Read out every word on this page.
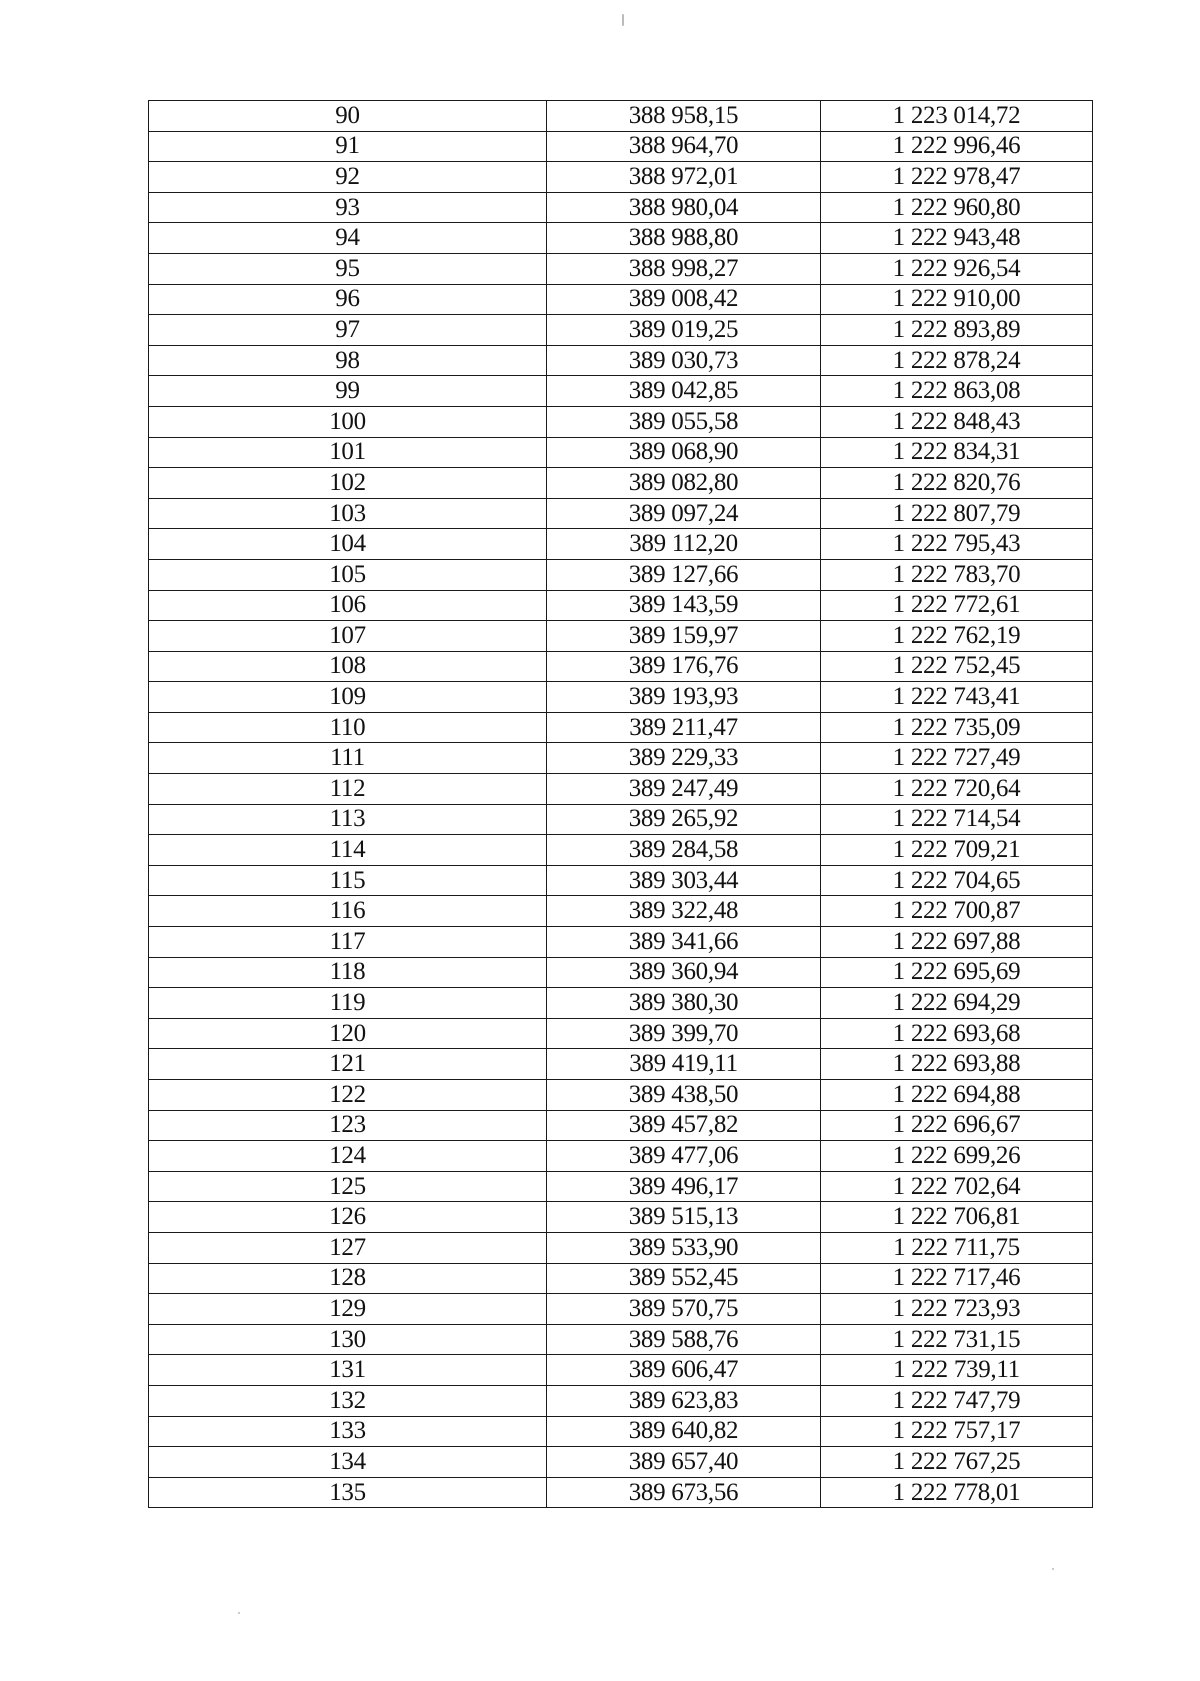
90	388 958,15	1 223 014,72
91	388 964,70	1 222 996,46
92	388 972,01	1 222 978,47
93	388 980,04	1 222 960,80
94	388 988,80	1 222 943,48
95	388 998,27	1 222 926,54
96	389 008,42	1 222 910,00
97	389 019,25	1 222 893,89
98	389 030,73	1 222 878,24
99	389 042,85	1 222 863,08
100	389 055,58	1 222 848,43
101	389 068,90	1 222 834,31
102	389 082,80	1 222 820,76
103	389 097,24	1 222 807,79
104	389 112,20	1 222 795,43
105	389 127,66	1 222 783,70
106	389 143,59	1 222 772,61
107	389 159,97	1 222 762,19
108	389 176,76	1 222 752,45
109	389 193,93	1 222 743,41
110	389 211,47	1 222 735,09
111	389 229,33	1 222 727,49
112	389 247,49	1 222 720,64
113	389 265,92	1 222 714,54
114	389 284,58	1 222 709,21
115	389 303,44	1 222 704,65
116	389 322,48	1 222 700,87
117	389 341,66	1 222 697,88
118	389 360,94	1 222 695,69
119	389 380,30	1 222 694,29
120	389 399,70	1 222 693,68
121	389 419,11	1 222 693,88
122	389 438,50	1 222 694,88
123	389 457,82	1 222 696,67
124	389 477,06	1 222 699,26
125	389 496,17	1 222 702,64
126	389 515,13	1 222 706,81
127	389 533,90	1 222 711,75
128	389 552,45	1 222 717,46
129	389 570,75	1 222 723,93
130	389 588,76	1 222 731,15
131	389 606,47	1 222 739,11
132	389 623,83	1 222 747,79
133	389 640,82	1 222 757,17
134	389 657,40	1 222 767,25
135	389 673,56	1 222 778,01
